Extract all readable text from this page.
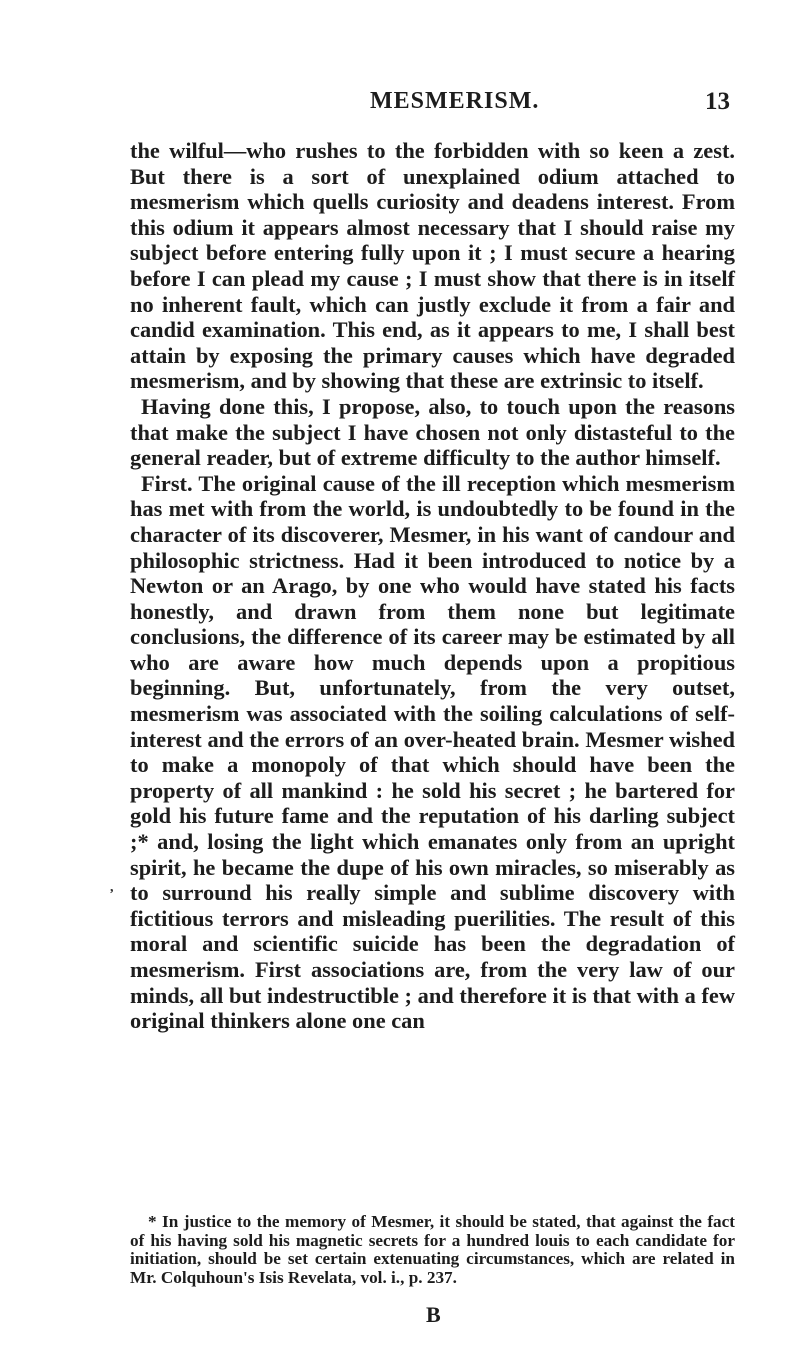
MESMERISM.	13

the wilful—who rushes to the forbidden with so keen a zest. But there is a sort of unexplained odium attached to mesmerism which quells curiosity and deadens interest. From this odium it appears almost necessary that I should raise my subject before entering fully upon it ; I must secure a hearing before I can plead my cause ; I must show that there is in itself no inherent fault, which can justly exclude it from a fair and candid examination. This end, as it appears to me, I shall best attain by exposing the primary causes which have degraded mesmerism, and by showing that these are extrinsic to itself.

Having done this, I propose, also, to touch upon the reasons that make the subject I have chosen not only distasteful to the general reader, but of extreme difficulty to the author himself.

First. The original cause of the ill reception which mesmerism has met with from the world, is undoubtedly to be found in the character of its discoverer, Mesmer, in his want of candour and philosophic strictness. Had it been introduced to notice by a Newton or an Arago, by one who would have stated his facts honestly, and drawn from them none but legitimate conclusions, the difference of its career may be estimated by all who are aware how much depends upon a propitious beginning. But, unfortunately, from the very outset, mesmerism was associated with the soiling calculations of self-interest and the errors of an over-heated brain. Mesmer wished to make a monopoly of that which should have been the property of all mankind : he sold his secret ; he bartered for gold his future fame and the reputation of his darling subject ;* and, losing the light which emanates only from an upright spirit, he became the dupe of his own miracles, so miserably as to surround his really simple and sublime discovery with fictitious terrors and misleading puerilities. The result of this moral and scientific suicide has been the degradation of mesmerism. First associations are, from the very law of our minds, all but indestructible ; and therefore it is that with a few original thinkers alone one can

* In justice to the memory of Mesmer, it should be stated, that against the fact of his having sold his magnetic secrets for a hundred louis to each candidate for initiation, should be set certain extenuating circumstances, which are related in Mr. Colquhoun's Isis Revelata, vol. i., p. 237.

B
,
